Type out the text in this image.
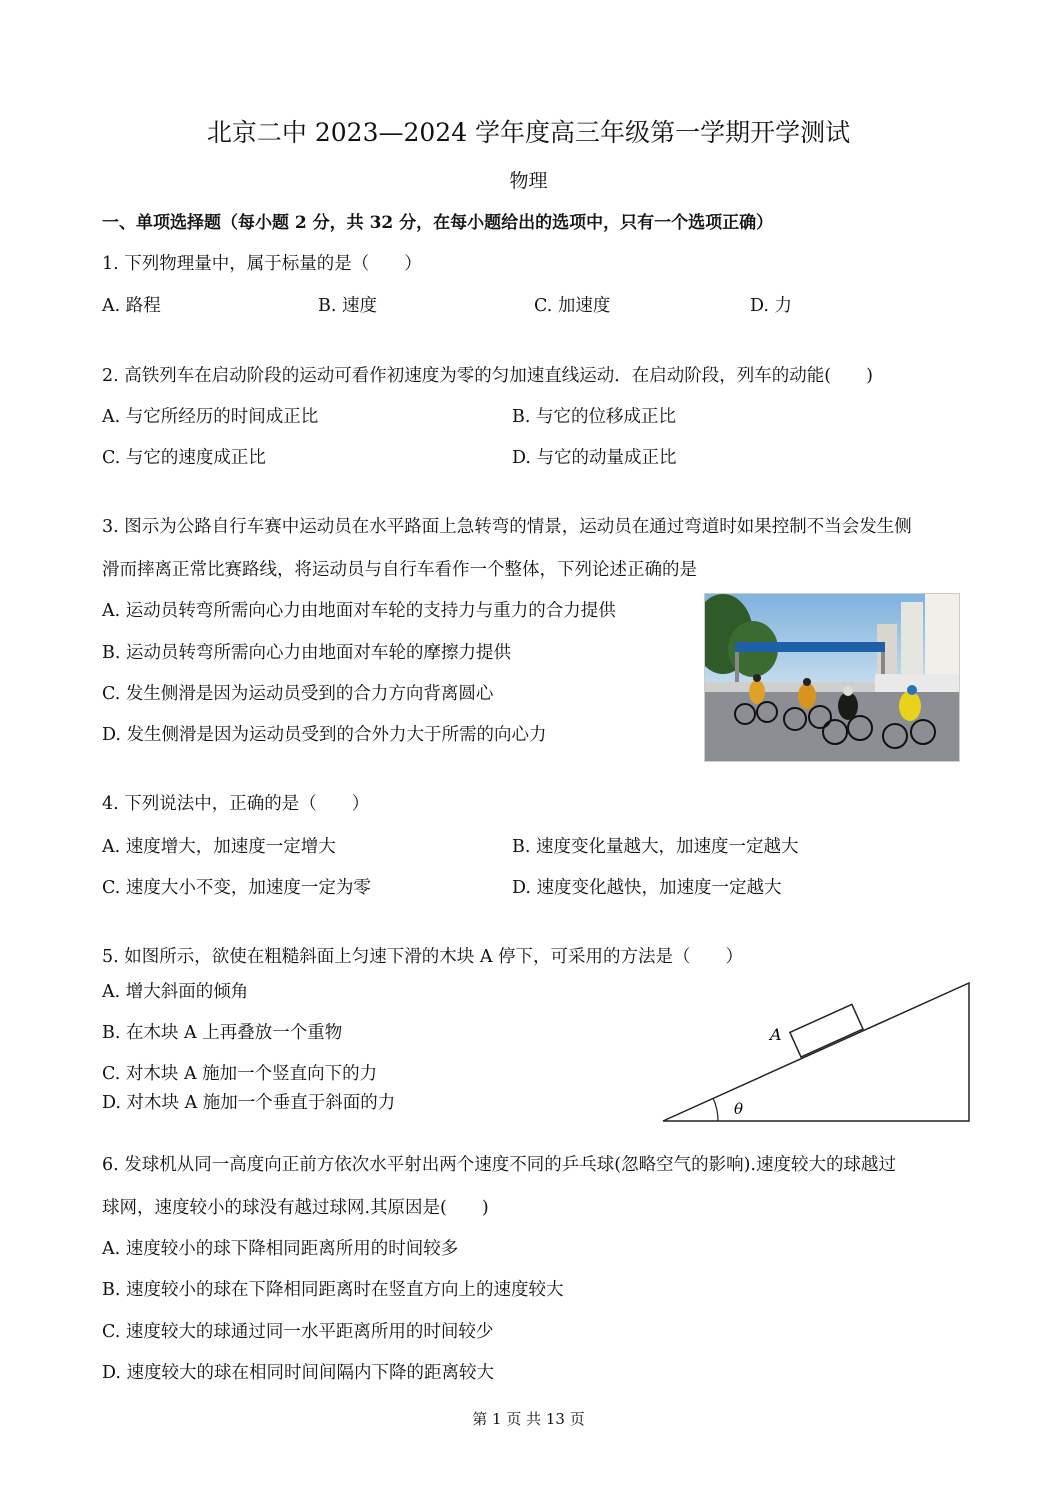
北京二中 2023—2024 学年度高三年级第一学期开学测试
物理
一、单项选择题（每小题 2 分，共 32 分，在每小题给出的选项中，只有一个选项正确）
1. 下列物理量中，属于标量的是（　　）
A. 路程	B. 速度	C. 加速度	D. 力
2. 高铁列车在启动阶段的运动可看作初速度为零的匀加速直线运动．在启动阶段，列车的动能(　　)
A. 与它所经历的时间成正比	B. 与它的位移成正比
C. 与它的速度成正比	D. 与它的动量成正比
3. 图示为公路自行车赛中运动员在水平路面上急转弯的情景，运动员在通过弯道时如果控制不当会发生侧
滑而摔离正常比赛路线，将运动员与自行车看作一个整体，下列论述正确的是
A. 运动员转弯所需向心力由地面对车轮的支持力与重力的合力提供
B. 运动员转弯所需向心力由地面对车轮的摩擦力提供
C. 发生侧滑是因为运动员受到的合力方向背离圆心
D. 发生侧滑是因为运动员受到的合外力大于所需的向心力
4. 下列说法中，正确的是（　　）
A. 速度增大，加速度一定增大	B. 速度变化量越大，加速度一定越大
C. 速度大小不变，加速度一定为零	D. 速度变化越快，加速度一定越大
5. 如图所示，欲使在粗糙斜面上匀速下滑的木块 A 停下，可采用的方法是（　　）
A. 增大斜面的倾角
B. 在木块 A 上再叠放一个重物
C. 对木块 A 施加一个竖直向下的力
D. 对木块 A 施加一个垂直于斜面的力
A
θ
6. 发球机从同一高度向正前方依次水平射出两个速度不同的乒乓球(忽略空气的影响).速度较大的球越过
球网，速度较小的球没有越过球网.其原因是(　　)
A. 速度较小的球下降相同距离所用的时间较多
B. 速度较小的球在下降相同距离时在竖直方向上的速度较大
C. 速度较大的球通过同一水平距离所用的时间较少
D. 速度较大的球在相同时间间隔内下降的距离较大
第 1 页 共 13 页
